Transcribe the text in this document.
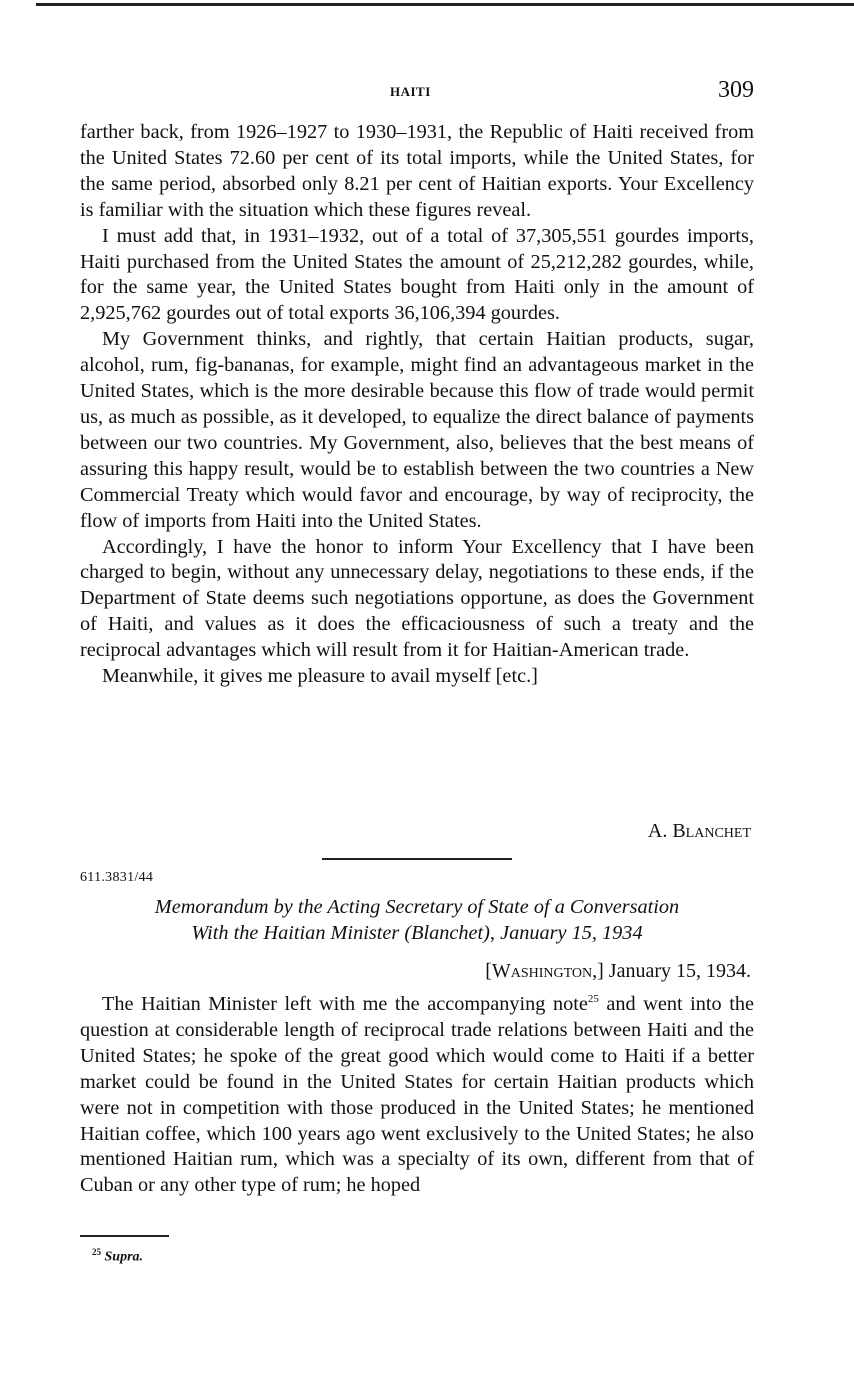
HAITI	309

farther back, from 1926–1927 to 1930–1931, the Republic of Haiti received from the United States 72.60 per cent of its total imports, while the United States, for the same period, absorbed only 8.21 per cent of Haitian exports. Your Excellency is familiar with the situation which these figures reveal.

I must add that, in 1931–1932, out of a total of 37,305,551 gourdes imports, Haiti purchased from the United States the amount of 25,212,282 gourdes, while, for the same year, the United States bought from Haiti only in the amount of 2,925,762 gourdes out of total exports 36,106,394 gourdes.

My Government thinks, and rightly, that certain Haitian products, sugar, alcohol, rum, fig-bananas, for example, might find an advantageous market in the United States, which is the more desirable because this flow of trade would permit us, as much as possible, as it developed, to equalize the direct balance of payments between our two countries. My Government, also, believes that the best means of assuring this happy result, would be to establish between the two countries a New Commercial Treaty which would favor and encourage, by way of reciprocity, the flow of imports from Haiti into the United States.

Accordingly, I have the honor to inform Your Excellency that I have been charged to begin, without any unnecessary delay, negotiations to these ends, if the Department of State deems such negotiations opportune, as does the Government of Haiti, and values as it does the efficaciousness of such a treaty and the reciprocal advantages which will result from it for Haitian-American trade.

Meanwhile, it gives me pleasure to avail myself [etc.]

A. Blanchet
611.3831/44
Memorandum by the Acting Secretary of State of a Conversation
With the Haitian Minister (Blanchet), January 15, 1934
[Washington,] January 15, 1934.

The Haitian Minister left with me the accompanying note$^{25}$ and went into the question at considerable length of reciprocal trade relations between Haiti and the United States; he spoke of the great good which would come to Haiti if a better market could be found in the United States for certain Haitian products which were not in competition with those produced in the United States; he mentioned Haitian coffee, which 100 years ago went exclusively to the United States; he also mentioned Haitian rum, which was a specialty of its own, different from that of Cuban or any other type of rum; he hoped

$^{25}$ Supra.
